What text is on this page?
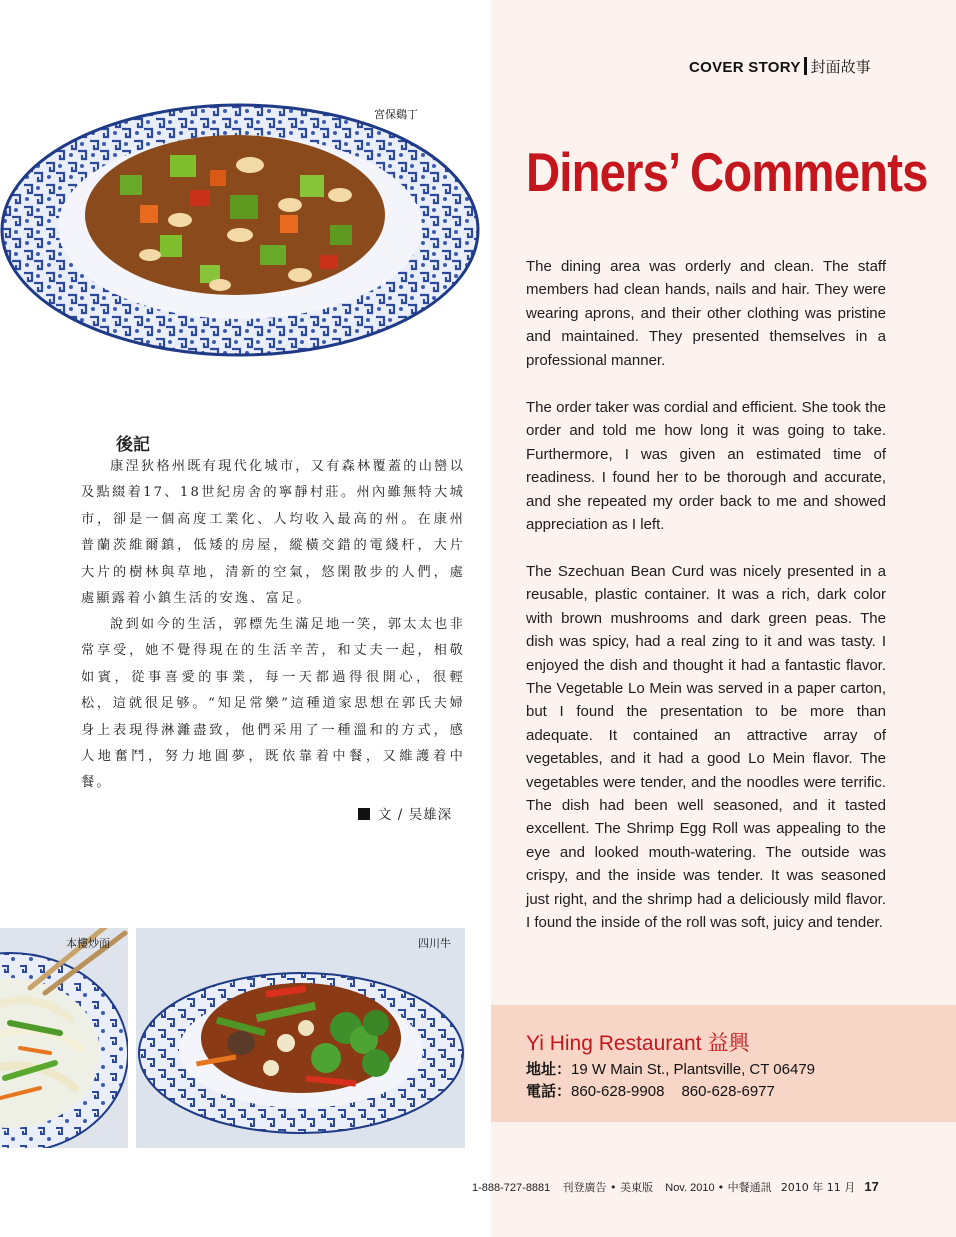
COVER STORY 封面故事
Diners’ Comments

The dining area was orderly and clean. The staff members had clean hands, nails and hair. They were wearing aprons, and their other clothing was pristine and maintained. They presented themselves in a professional manner.

The order taker was cordial and efficient. She took the order and told me how long it was going to take. Furthermore, I was given an estimated time of readiness. I found her to be thorough and accurate, and she repeated my order back to me and showed appreciation as I left.

The Szechuan Bean Curd was nicely presented in a reusable, plastic container. It was a rich, dark color with brown mushrooms and dark green peas. The dish was spicy, had a real zing to it and was tasty. I enjoyed the dish and thought it had a fantastic flavor. The Vegetable Lo Mein was served in a paper carton, but I found the presentation to be more than adequate. It contained an attractive array of vegetables, and it had a good Lo Mein flavor. The vegetables were tender, and the noodles were terrific. The dish had been well seasoned, and it tasted excellent. The Shrimp Egg Roll was appealing to the eye and looked mouth-watering. The outside was crispy, and the inside was tender. It was seasoned just right, and the shrimp had a deliciously mild flavor. I found the inside of the roll was soft, juicy and tender.

Yi Hing Restaurant 益興
地址：19 W Main St., Plantsville, CT 06479
電話：860-628-9908 860-628-6977
宮保鷄丁
後記

康涅狄格州既有現代化城市，又有森林覆蓋的山巒以及點綴着17、18世紀房舍的寧靜村莊。州內雖無特大城市，卻是一個高度工業化、人均收入最高的州。在康州普蘭茨維爾鎮，低矮的房屋，縱橫交錯的電綫杆，大片大片的樹林與草地，清新的空氣，悠閑散步的人們，處處顯露着小鎮生活的安逸、富足。

說到如今的生活，郭標先生滿足地一笑，郭太太也非常享受，她不覺得現在的生活辛苦，和丈夫一起，相敬如賓，從事喜愛的事業，每一天都過得很開心，很輕松，這就很足够。“知足常樂”這種道家思想在郭氏夫婦身上表現得淋灕盡致，他們采用了一種溫和的方式，感人地奮鬥，努力地圓夢，既依靠着中餐，又維護着中餐。

文 / 吴雄深
本樓炒面	四川牛
1-888-727-8881 刊登廣告 • 美東版 Nov. 2010 • 中餐通訊 2010 年 11 月 17
